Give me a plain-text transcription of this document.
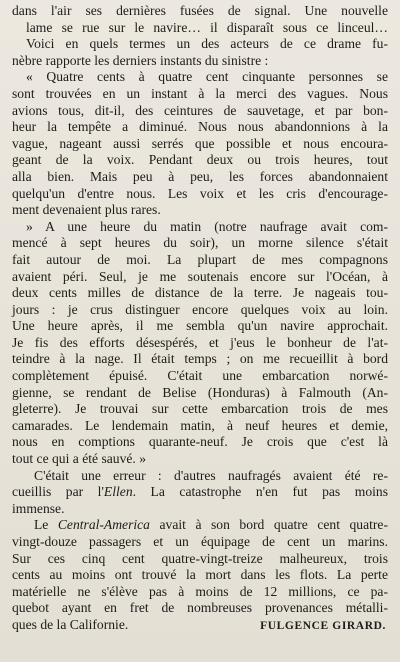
dans l'air ses dernières fusées de signal. Une nouvelle
lame se rue sur le navire… il disparaît sous ce linceul…
Voici en quels termes un des acteurs de ce drame fu-
nèbre rapporte les derniers instants du sinistre :
« Quatre cents à quatre cent cinquante personnes se
sont trouvées en un instant à la merci des vagues. Nous
avions tous, dit-il, des ceintures de sauvetage, et par bon-
heur la tempête a diminué. Nous nous abandonnions à la
vague, nageant aussi serrés que possible et nous encoura-
geant de la voix. Pendant deux ou trois heures, tout
alla bien. Mais peu à peu, les forces abandonnaient
quelqu'un d'entre nous. Les voix et les cris d'encourage-
ment devenaient plus rares.
» A une heure du matin (notre naufrage avait com-
mencé à sept heures du soir), un morne silence s'était
fait autour de moi. La plupart de mes compagnons
avaient péri. Seul, je me soutenais encore sur l'Océan, à
deux cents milles de distance de la terre. Je nageais tou-
jours : je crus distinguer encore quelques voix au loin.
Une heure après, il me sembla qu'un navire approchait.
Je fis des efforts désespérés, et j'eus le bonheur de l'at-
teindre à la nage. Il était temps ; on me recueillit à bord
complètement épuisé. C'était une embarcation norwé-
gienne, se rendant de Belise (Honduras) à Falmouth (An-
gleterre). Je trouvai sur cette embarcation trois de mes
camarades. Le lendemain matin, à neuf heures et demie,
nous en comptions quarante-neuf. Je crois que c'est là
tout ce qui a été sauvé. »
C'était une erreur : d'autres naufragés avaient été re-
cueillis par l'Ellen. La catastrophe n'en fut pas moins
immense.
Le Central-America avait à son bord quatre cent quatre-
vingt-douze passagers et un équipage de cent un marins.
Sur ces cinq cent quatre-vingt-treize malheureux, trois
cents au moins ont trouvé la mort dans les flots. La perte
matérielle ne s'élève pas à moins de 12 millions, ce pa-
quebot ayant en fret de nombreuses provenances métalli-
ques de la Californie.	FULGENCE GIRARD.
